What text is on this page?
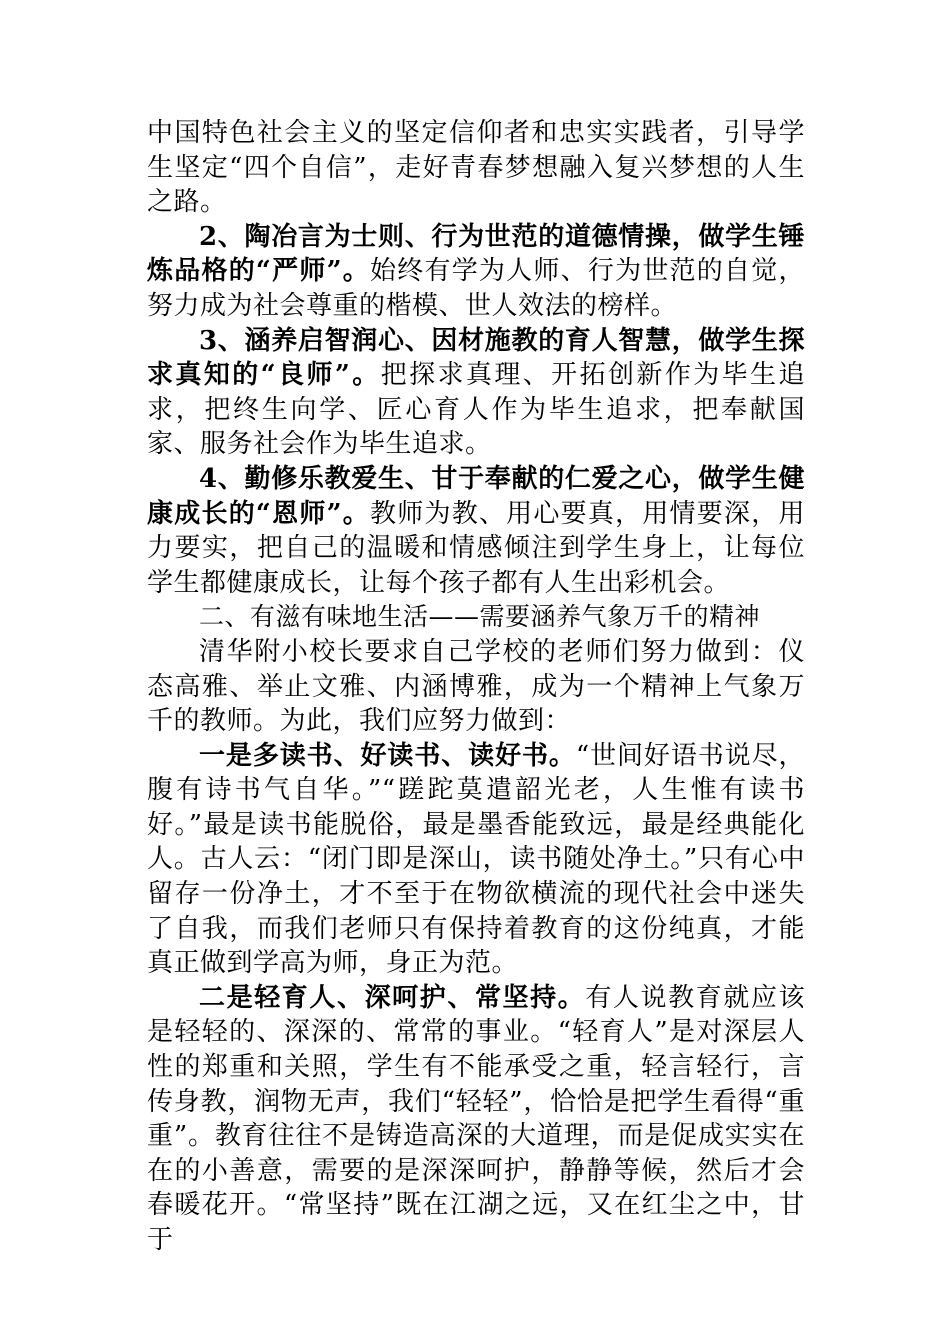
中国特色社会主义的坚定信仰者和忠实实践者，引导学生坚定“四个自信”，走好青春梦想融入复兴梦想的人生之路。

2、陶冶言为士则、行为世范的道德情操，做学生锤炼品格的“严师”。始终有学为人师、行为世范的自觉，努力成为社会尊重的楷模、世人效法的榜样。

3、涵养启智润心、因材施教的育人智慧，做学生探求真知的“良师”。把探求真理、开拓创新作为毕生追求，把终生向学、匠心育人作为毕生追求，把奉献国家、服务社会作为毕生追求。

4、勤修乐教爱生、甘于奉献的仁爱之心，做学生健康成长的“恩师”。教师为教、用心要真，用情要深，用力要实，把自己的温暖和情感倾注到学生身上，让每位学生都健康成长，让每个孩子都有人生出彩机会。

二、有滋有味地生活——需要涵养气象万千的精神

清华附小校长要求自己学校的老师们努力做到：仪态高雅、举止文雅、内涵博雅，成为一个精神上气象万千的教师。为此，我们应努力做到：

一是多读书、好读书、读好书。“世间好语书说尽，腹有诗书气自华。”“蹉跎莫遣韶光老，人生惟有读书好。”最是读书能脱俗，最是墨香能致远，最是经典能化人。古人云：“闭门即是深山，读书随处净土。”只有心中留存一份净土，才不至于在物欲横流的现代社会中迷失了自我，而我们老师只有保持着教育的这份纯真，才能真正做到学高为师，身正为范。

二是轻育人、深呵护、常坚持。有人说教育就应该是轻轻的、深深的、常常的事业。“轻育人”是对深层人性的郑重和关照，学生有不能承受之重，轻言轻行，言传身教，润物无声，我们“轻轻”，恰恰是把学生看得“重重”。教育往往不是铸造高深的大道理，而是促成实实在在的小善意，需要的是深深呵护，静静等候，然后才会春暖花开。“常坚持”既在江湖之远，又在红尘之中，甘于
